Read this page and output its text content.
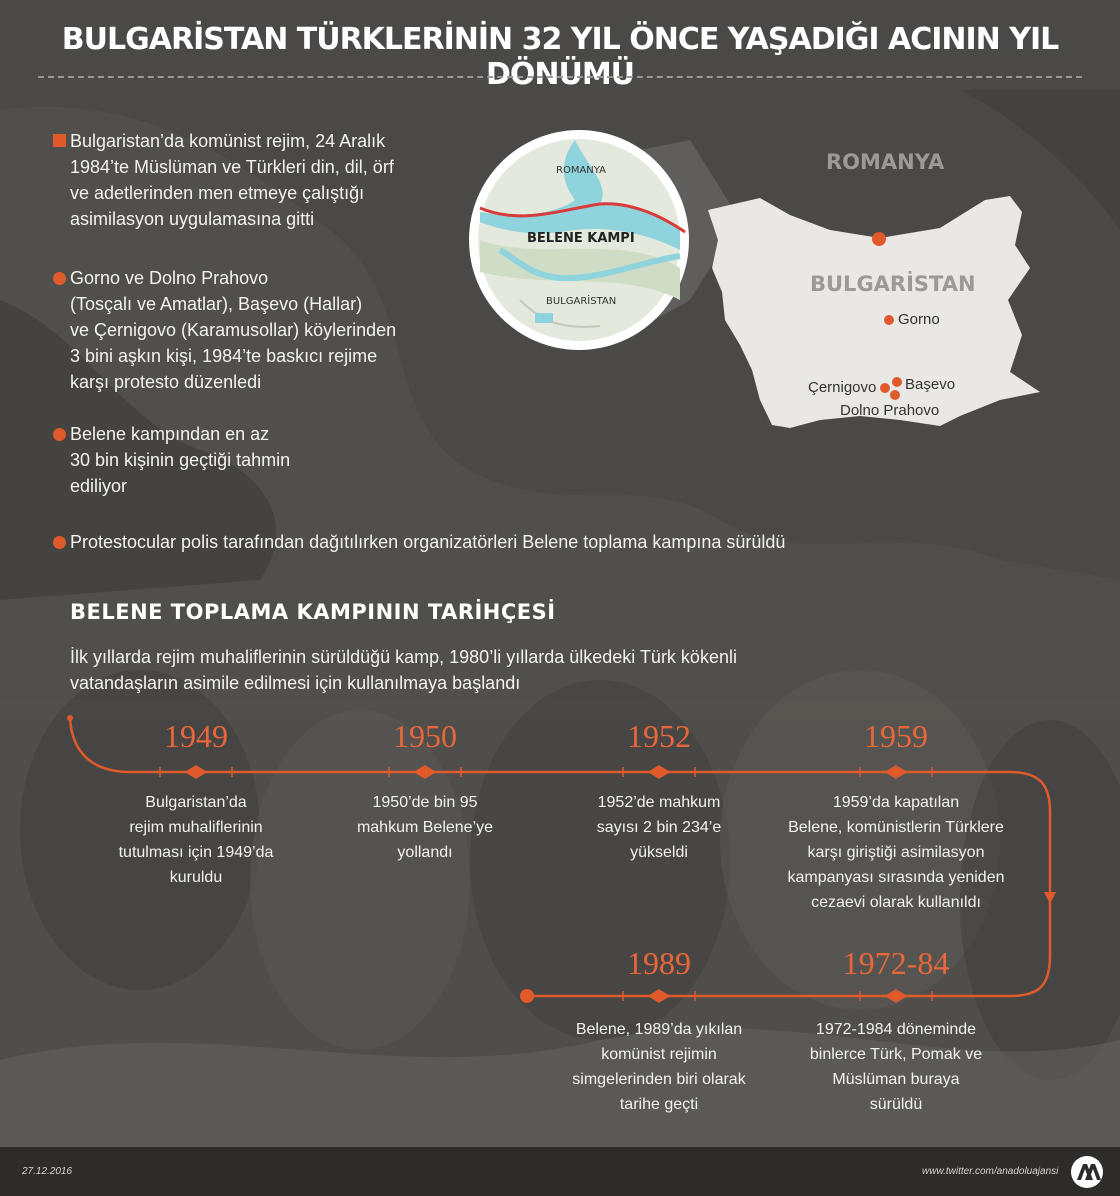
BULGARİSTAN TÜRKLERİNİN 32 YIL ÖNCE YAŞADIĞI ACININ YIL DÖNÜMÜ
Bulgaristan’da komünist rejim, 24 Aralık
1984’te Müslüman ve Türkleri din, dil, örf
ve adetlerinden men etmeye çalıştığı
asimilasyon uygulamasına gitti
Gorno ve Dolno Prahovo
(Tosçalı ve Amatlar), Başevo (Hallar)
ve Çernigovo (Karamusollar) köylerinden
3 bini aşkın kişi, 1984’te baskıcı rejime
karşı protesto düzenledi
Belene kampından en az
30 bin kişinin geçtiği tahmin
ediliyor
Protestocular polis tarafından dağıtılırken organizatörleri Belene toplama kampına sürüldü
ROMANYA
BULGARİSTAN
ROMANYA
BELENE KAMPI
BULGARİSTAN
Gorno
Çernigovo Başevo
Dolno Prahovo
BELENE TOPLAMA KAMPININ TARİHÇESİ
İlk yıllarda rejim muhaliflerinin sürüldüğü kamp, 1980’li yıllarda ülkedeki Türk kökenli
vatandaşların asimile edilmesi için kullanılmaya başlandı
1949
Bulgaristan’da
rejim muhaliflerinin
tutulması için 1949’da
kuruldu
1950
1950’de bin 95
mahkum Belene’ye
yollandı
1952
1952’de mahkum
sayısı 2 bin 234’e
yükseldi
1959
1959’da kapatılan
Belene, komünistlerin Türklere
karşı giriştiği asimilasyon
kampanyası sırasında yeniden
cezaevi olarak kullanıldı
1972-84
1972-1984 döneminde
binlerce Türk, Pomak ve
Müslüman buraya
sürüldü
1989
Belene, 1989’da yıkılan
komünist rejimin
simgelerinden biri olarak
tarihe geçti
27.12.2016	www.twitter.com/anadoluajansi
